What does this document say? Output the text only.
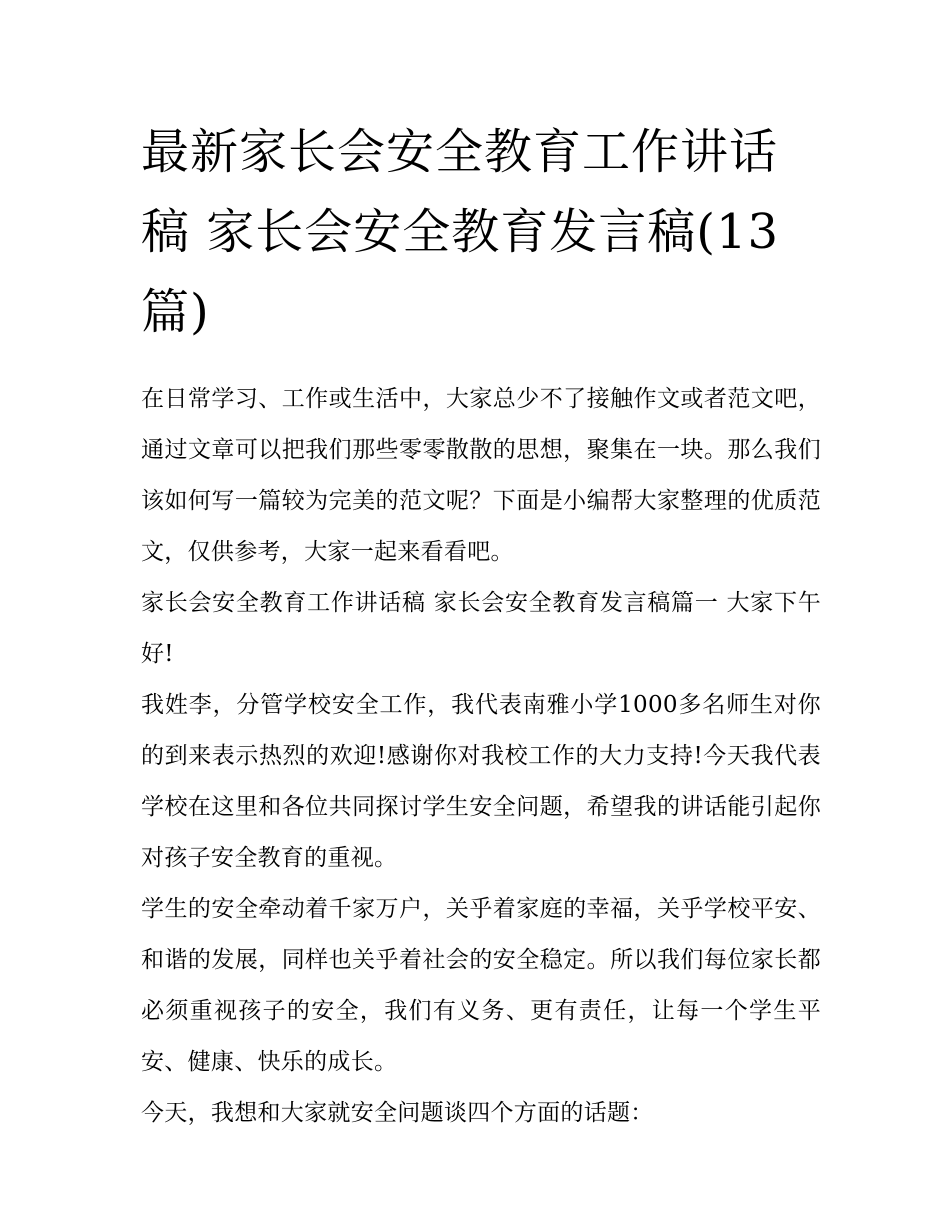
最新家长会安全教育工作讲话稿 家长会安全教育发言稿(13篇)

在日常学习、工作或生活中，大家总少不了接触作文或者范文吧，通过文章可以把我们那些零零散散的思想，聚集在一块。那么我们该如何写一篇较为完美的范文呢？下面是小编帮大家整理的优质范文，仅供参考，大家一起来看看吧。

家长会安全教育工作讲话稿 家长会安全教育发言稿篇一 大家下午好!

我姓李，分管学校安全工作，我代表南雅小学1000多名师生对你的到来表示热烈的欢迎!感谢你对我校工作的大力支持!今天我代表学校在这里和各位共同探讨学生安全问题，希望我的讲话能引起你对孩子安全教育的重视。

学生的安全牵动着千家万户，关乎着家庭的幸福，关乎学校平安、和谐的发展，同样也关乎着社会的安全稳定。所以我们每位家长都必须重视孩子的安全，我们有义务、更有责任，让每一个学生平安、健康、快乐的成长。

今天，我想和大家就安全问题谈四个方面的话题：
